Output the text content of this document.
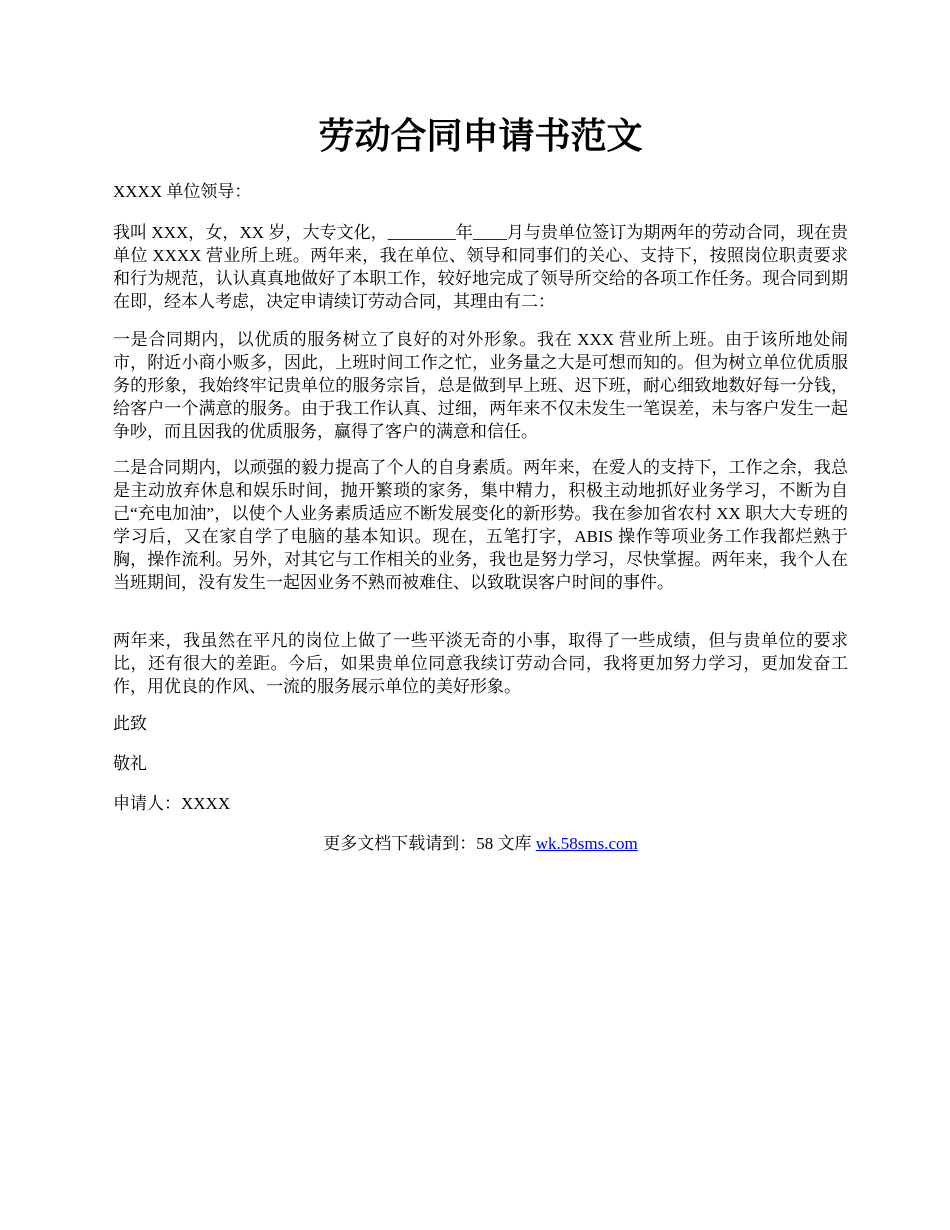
劳动合同申请书范文

XXXX 单位领导：

我叫 XXX，女，XX 岁，大专文化，________年____月与贵单位签订为期两年的劳动合同，现在贵单位 XXXX 营业所上班。两年来，我在单位、领导和同事们的关心、支持下，按照岗位职责要求和行为规范，认认真真地做好了本职工作，较好地完成了领导所交给的各项工作任务。现合同到期在即，经本人考虑，决定申请续订劳动合同，其理由有二：

一是合同期内，以优质的服务树立了良好的对外形象。我在 XXX 营业所上班。由于该所地处闹市，附近小商小贩多，因此，上班时间工作之忙，业务量之大是可想而知的。但为树立单位优质服务的形象，我始终牢记贵单位的服务宗旨，总是做到早上班、迟下班，耐心细致地数好每一分钱，给客户一个满意的服务。由于我工作认真、过细，两年来不仅未发生一笔误差，未与客户发生一起争吵，而且因我的优质服务，赢得了客户的满意和信任。

二是合同期内，以顽强的毅力提高了个人的自身素质。两年来，在爱人的支持下，工作之余，我总是主动放弃休息和娱乐时间，抛开繁琐的家务，集中精力，积极主动地抓好业务学习，不断为自己“充电加油”，以使个人业务素质适应不断发展变化的新形势。我在参加省农村 XX 职大大专班的学习后，又在家自学了电脑的基本知识。现在，五笔打字，ABIS 操作等项业务工作我都烂熟于胸，操作流利。另外，对其它与工作相关的业务，我也是努力学习，尽快掌握。两年来，我个人在当班期间，没有发生一起因业务不熟而被难住、以致耽误客户时间的事件。

两年来，我虽然在平凡的岗位上做了一些平淡无奇的小事，取得了一些成绩，但与贵单位的要求比，还有很大的差距。今后，如果贵单位同意我续订劳动合同，我将更加努力学习，更加发奋工作，用优良的作风、一流的服务展示单位的美好形象。

此致

敬礼

申请人：XXXX

更多文档下载请到：58 文库 wk.58sms.com
